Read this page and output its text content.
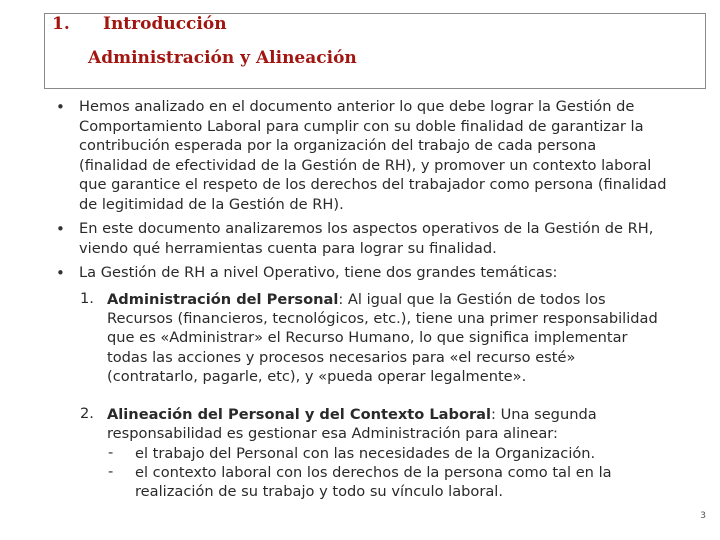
1. Introducción
Administración y Alineación
• Hemos analizado en el documento anterior lo que debe lograr la Gestión de Comportamiento Laboral para cumplir con su doble finalidad de garantizar la contribución esperada por la organización del trabajo de cada persona (finalidad de efectividad de la Gestión de RH), y promover un contexto laboral que garantice el respeto de los derechos del trabajador como persona (finalidad de legitimidad de la Gestión de RH).
• En este documento analizaremos los aspectos operativos de la Gestión de RH, viendo qué herramientas cuenta para lograr su finalidad.
• La Gestión de RH a nivel Operativo, tiene dos grandes temáticas:
1. Administración del Personal: Al igual que la Gestión de todos los Recursos (financieros, tecnológicos, etc.), tiene una primer responsabilidad que es «Administrar» el Recurso Humano, lo que significa implementar todas las acciones y procesos necesarios para «el recurso esté» (contratarlo, pagarle, etc), y «pueda operar legalmente».
2. Alineación del Personal y del Contexto Laboral: Una segunda responsabilidad es gestionar esa Administración para alinear:
- el trabajo del Personal con las necesidades de la Organización.
- el contexto laboral con los derechos de la persona como tal en la realización de su trabajo y todo su vínculo laboral.
3
